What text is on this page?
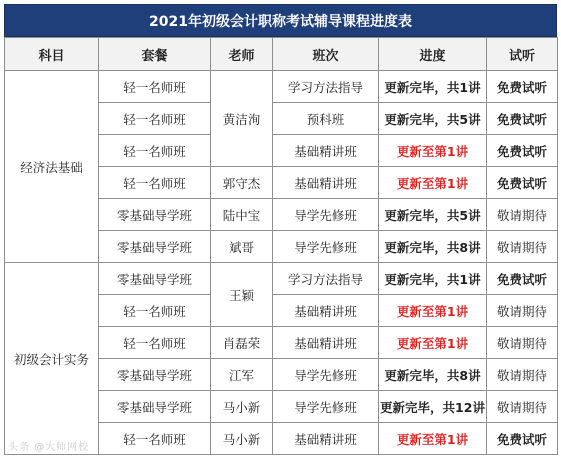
2021年初级会计职称考试辅导课程进度表
科目	套餐	老师	班次	进度	试听
经济法基础	轻一名师班	黄洁洵	学习方法指导	更新完毕，共1讲	免费试听
	轻一名师班		预科班	更新完毕，共5讲	免费试听
	轻一名师班		基础精讲班	更新至第1讲	免费试听
	轻一名师班	郭守杰	基础精讲班	更新至第1讲	免费试听
	零基础导学班	陆中宝	导学先修班	更新完毕，共5讲	敬请期待
	零基础导学班	斌哥	导学先修班	更新完毕，共8讲	敬请期待
初级会计实务	零基础导学班	王颖	学习方法指导	更新完毕，共1讲	免费试听
	轻一名师班		基础精讲班	更新至第1讲	敬请期待
	轻一名师班	肖磊荣	基础精讲班	更新至第1讲	敬请期待
	零基础导学班	江军	导学先修班	更新完毕，共8讲	敬请期待
	零基础导学班	马小新	导学先修班	更新完毕，共12讲	敬请期待
	轻一名师班	马小新	基础精讲班	更新至第1讲	免费试听
头条 @大师网校
